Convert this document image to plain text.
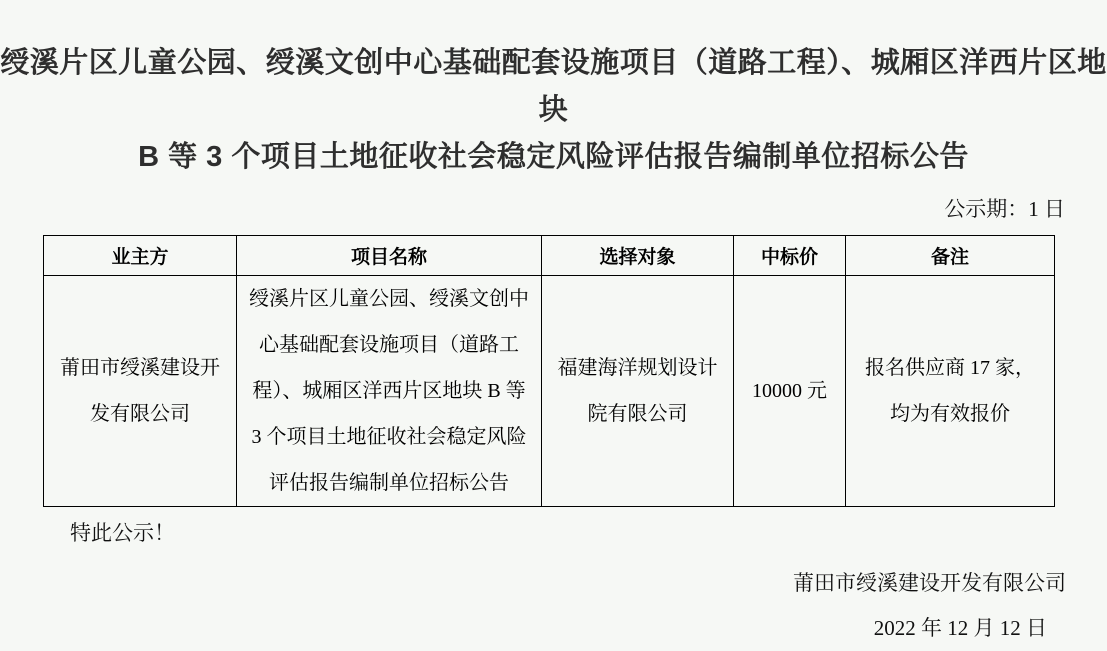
绶溪片区儿童公园、绶溪文创中心基础配套设施项目（道路工程）、城厢区洋西片区地块
B 等 3 个项目土地征收社会稳定风险评估报告编制单位招标公告
公示期：1 日
业主方	项目名称	选择对象	中标价	备注
莆田市绶溪建设开发有限公司	绶溪片区儿童公园、绶溪文创中心基础配套设施项目（道路工程）、城厢区洋西片区地块 B 等 3 个项目土地征收社会稳定风险评估报告编制单位招标公告	福建海洋规划设计院有限公司	10000 元	报名供应商 17 家，均为有效报价
特此公示！
莆田市绶溪建设开发有限公司
2022 年 12 月 12 日
